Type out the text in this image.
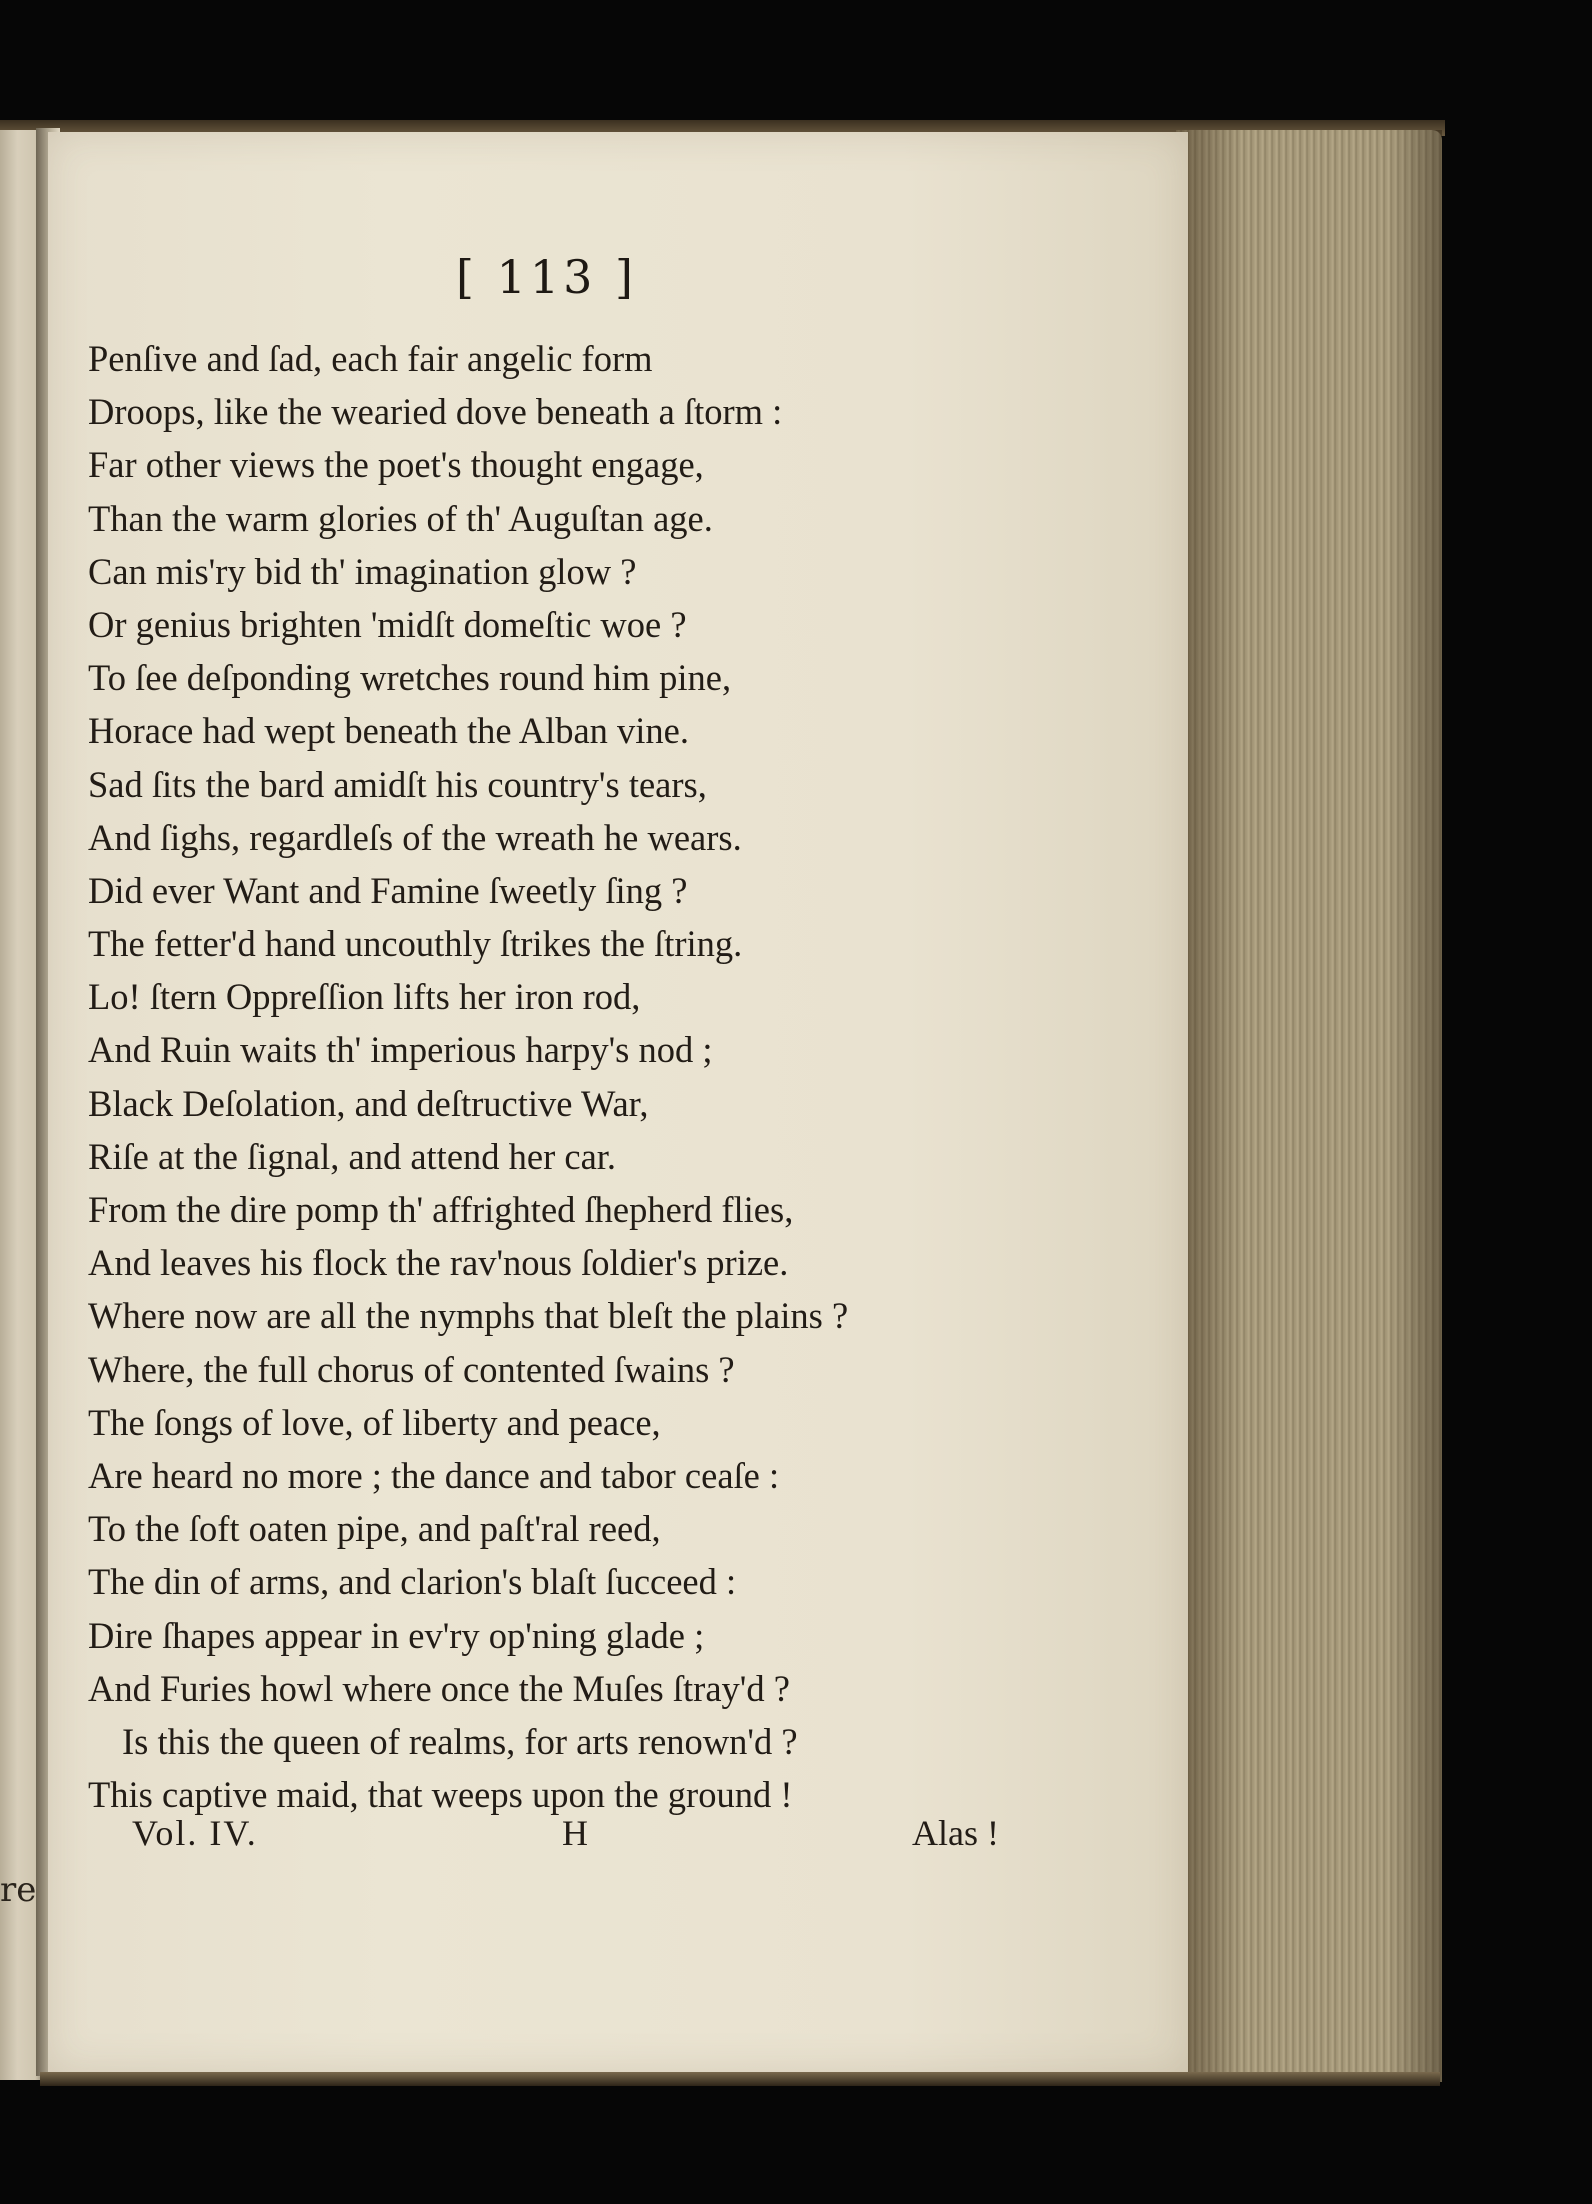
re
[ 113 ]
Penſive and ſad, each fair angelic form
Droops, like the wearied dove beneath a ſtorm :
Far other views the poet's thought engage,
Than the warm glories of th' Auguſtan age.
Can mis'ry bid th' imagination glow ?
Or genius brighten 'midſt domeſtic woe ?
To ſee deſponding wretches round him pine,
Horace had wept beneath the Alban vine.
Sad ſits the bard amidſt his country's tears,
And ſighs, regardleſs of the wreath he wears.
Did ever Want and Famine ſweetly ſing ?
The fetter'd hand uncouthly ſtrikes the ſtring.
Lo! ſtern Oppreſſion lifts her iron rod,
And Ruin waits th' imperious harpy's nod ;
Black Deſolation, and deſtructive War,
Riſe at the ſignal, and attend her car.
From the dire pomp th' affrighted ſhepherd flies,
And leaves his flock the rav'nous ſoldier's prize.
Where now are all the nymphs that bleſt the plains ?
Where, the full chorus of contented ſwains ?
The ſongs of love, of liberty and peace,
Are heard no more ; the dance and tabor ceaſe :
To the ſoft oaten pipe, and paſt'ral reed,
The din of arms, and clarion's blaſt ſucceed :
Dire ſhapes appear in ev'ry op'ning glade ;
And Furies howl where once the Muſes ſtray'd ?
Is this the queen of realms, for arts renown'd ?
This captive maid, that weeps upon the ground !
Vol. IV.	H	Alas !
